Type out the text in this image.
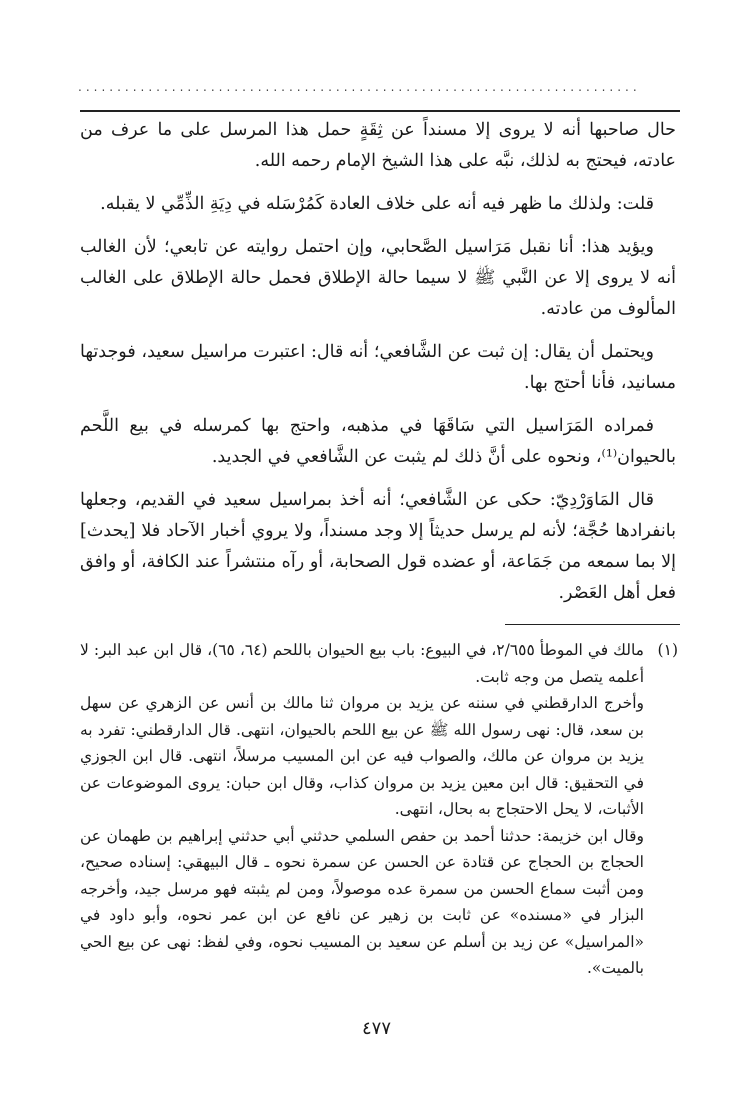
........................................................................

حال صاحبها أنه لا يروى إلا مسنداً عن ثِقَةٍ حمل هذا المرسل على ما عرف من عادته، فيحتج به لذلك، نبَّه على هذا الشيخ الإمام رحمه الله.

قلت: ولذلك ما ظهر فيه أنه على خلاف العادة كَمُرْسَله في دِيَةِ الذِّمِّي لا يقبله.

ويؤيد هذا: أنا نقبل مَرَاسيل الصَّحابي، وإن احتمل روايته عن تابعي؛ لأن الغالب أنه لا يروى إلا عن النَّبي ﷺ لا سيما حالة الإطلاق فحمل حالة الإطلاق على الغالب المألوف من عادته.

ويحتمل أن يقال: إن ثبت عن الشَّافعي؛ أنه قال: اعتبرت مراسيل سعيد، فوجدتها مسانيد، فأنا أحتج بها.

فمراده المَرَاسيل التي سَاقَهَا في مذهبه، واحتج بها كمرسله في بيع اللَّحم بالحيوان⁽¹⁾، ونحوه على أنَّ ذلك لم يثبت عن الشَّافعي في الجديد.

قال المَاوَرْدِيّ: حكى عن الشَّافعي؛ أنه أخذ بمراسيل سعيد في القديم، وجعلها بانفرادها حُجَّة؛ لأنه لم يرسل حديثاً إلا وجد مسنداً، ولا يروي أخبار الآحاد فلا [يحدث] إلا بما سمعه من جَمَاعة، أو عضده قول الصحابة، أو رآه منتشراً عند الكافة، أو وافق فعل أهل العَصْر.

(١)
مالك في الموطأ ٢/٦٥٥، في البيوع: باب بيع الحيوان باللحم (٦٤، ٦٥)، قال ابن عبد البر: لا أعلمه يتصل من وجه ثابت.
وأخرج الدارقطني في سننه عن يزيد بن مروان ثنا مالك بن أنس عن الزهري عن سهل بن سعد، قال: نهى رسول الله ﷺ عن بيع اللحم بالحيوان، انتهى. قال الدارقطني: تفرد به يزيد بن مروان عن مالك، والصواب فيه عن ابن المسيب مرسلاً، انتهى. قال ابن الجوزي في التحقيق: قال ابن معين يزيد بن مروان كذاب، وقال ابن حبان: يروى الموضوعات عن الأثبات، لا يحل الاحتجاج به بحال، انتهى.
وقال ابن خزيمة: حدثنا أحمد بن حفص السلمي حدثني أبي حدثني إبراهيم بن طهمان عن الحجاج بن الحجاج عن قتادة عن الحسن عن سمرة نحوه ـ قال البيهقي: إسناده صحيح، ومن أثبت سماع الحسن من سمرة عده موصولاً، ومن لم يثبته فهو مرسل جيد، وأخرجه البزار في «مسنده» عن ثابت بن زهير عن نافع عن ابن عمر نحوه، وأبو داود في «المراسيل» عن زيد بن أسلم عن سعيد بن المسيب نحوه، وفي لفظ: نهى عن بيع الحي بالميت».
٤٧٧
